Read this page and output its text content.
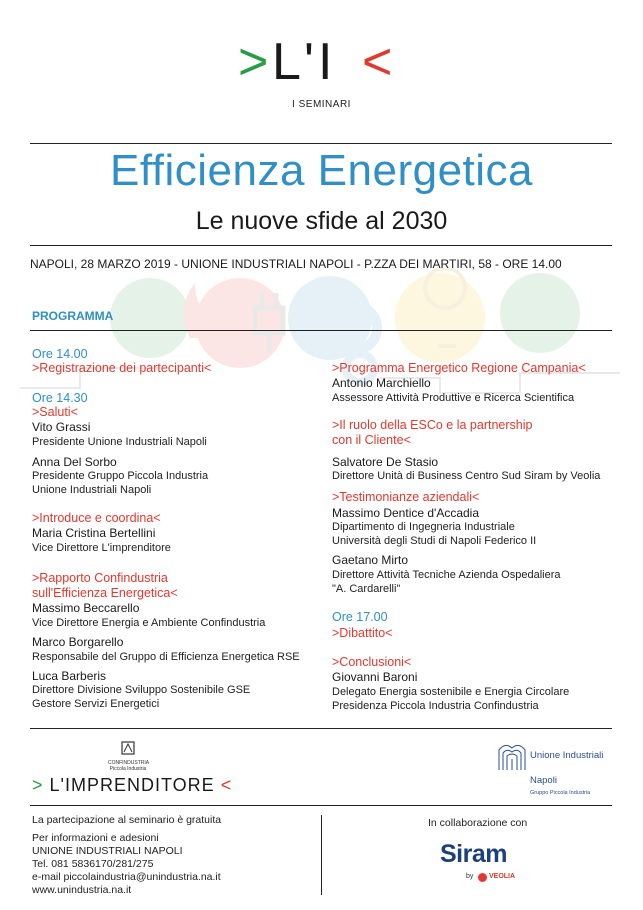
> L ' I <
I SEMINARI
Efficienza Energetica
Le nuove sfide al 2030
NAPOLI, 28 MARZO 2019 - UNIONE INDUSTRIALI NAPOLI - P.ZZA DEI MARTIRI, 58 - ORE 14.00
PROGRAMMA
Ore 14.00
>Registrazione dei partecipanti<
Ore 14.30
>Saluti<
Vito Grassi
Presidente Unione Industriali Napoli
Anna Del Sorbo
Presidente Gruppo Piccola Industria
Unione Industriali Napoli
>Introduce e coordina<
Maria Cristina Bertellini
Vice Direttore L'imprenditore
>Rapporto Confindustria
sull'Efficienza Energetica<
Massimo Beccarello
Vice Direttore Energia e Ambiente Confindustria
Marco Borgarello
Responsabile del Gruppo di Efficienza Energetica RSE
Luca Barberis
Direttore Divisione Sviluppo Sostenibile GSE
Gestore Servizi Energetici
>Programma Energetico Regione Campania<
Antonio Marchiello
Assessore Attività Produttive e Ricerca Scientifica
>Il ruolo della ESCo e la partnership
con il Cliente<
Salvatore De Stasio
Direttore Unità di Business Centro Sud Siram by Veolia
>Testimonianze aziendali<
Massimo Dentice d'Accadia
Dipartimento di Ingegneria Industriale
Università degli Studi di Napoli Federico II
Gaetano Mirto
Direttore Attività Tecniche Azienda Ospedaliera
"A. Cardarelli"
Ore 17.00
>Dibattito<
>Conclusioni<
Giovanni Baroni
Delegato Energia sostenibile e Energia Circolare
Presidenza Piccola Industria Confindustria
CONFINDUSTRIA
Piccola Industria
> L'IMPRENDITORE <
Unione Industriali
Napoli
Gruppo Piccola Industria
La partecipazione al seminario è gratuita
Per informazioni e adesioni
UNIONE INDUSTRIALI NAPOLI
Tel. 081 5836170/281/275
e-mail piccolaindustria@unindustria.na.it
www.unindustria.na.it
In collaborazione con
Siram
by VEOLIA
